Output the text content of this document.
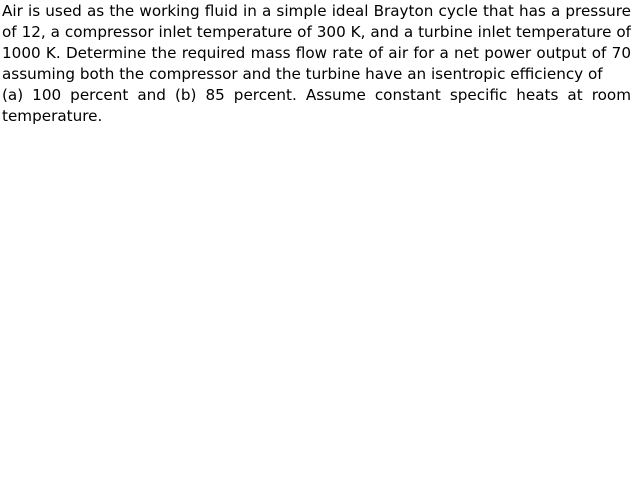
Air is used as the working fluid in a simple ideal Brayton cycle that has a pressure
of 12, a compressor inlet temperature of 300 K, and a turbine inlet temperature of
1000 K. Determine the required mass flow rate of air for a net power output of 70
assuming both the compressor and the turbine have an isentropic efficiency of
(a) 100 percent and (b) 85 percent. Assume constant specific heats at room
temperature.
